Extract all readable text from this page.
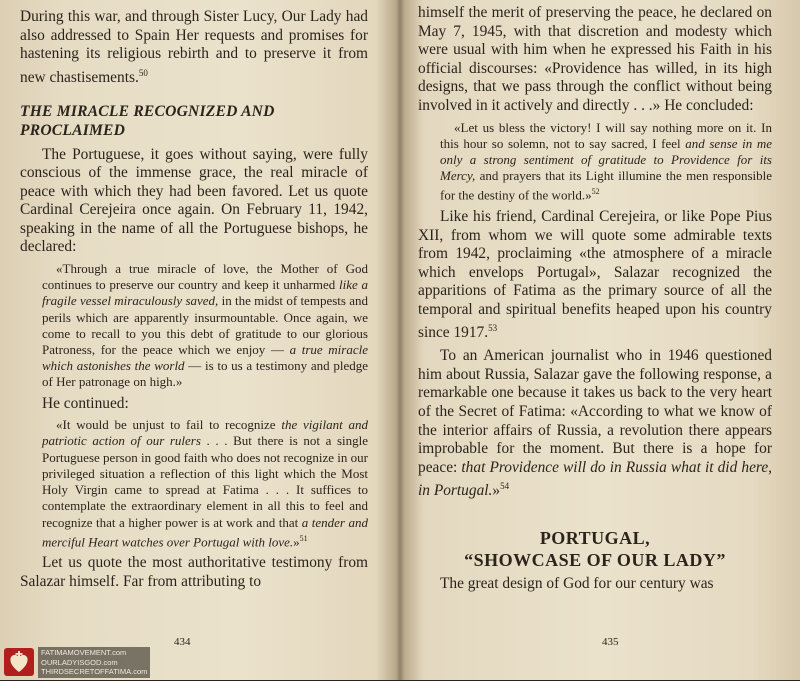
During this war, and through Sister Lucy, Our Lady had also addressed to Spain Her requests and promises for hastening its religious rebirth and to preserve it from new chastisements.$^{50}$

THE MIRACLE RECOGNIZED AND
PROCLAIMED

The Portuguese, it goes without saying, were fully conscious of the immense grace, the real miracle of peace with which they had been favored. Let us quote Cardinal Cerejeira once again. On February 11, 1942, speaking in the name of all the Portuguese bishops, he declared:

«Through a true miracle of love, the Mother of God continues to preserve our country and keep it unharmed like a fragile vessel miraculously saved, in the midst of tempests and perils which are apparently insurmountable. Once again, we come to recall to you this debt of gratitude to our glorious Patroness, for the peace which we enjoy — a true miracle which astonishes the world — is to us a testimony and pledge of Her patronage on high.»

He continued:

«It would be unjust to fail to recognize the vigilant and patriotic action of our rulers . . . But there is not a single Portuguese person in good faith who does not recognize in our privileged situation a reflection of this light which the Most Holy Virgin came to spread at Fatima . . . It suffices to contemplate the extraordinary element in all this to feel and recognize that a higher power is at work and that a tender and merciful Heart watches over Portugal with love.»$^{51}$

Let us quote the most authoritative testimony from Salazar himself. Far from attributing to

434

himself the merit of preserving the peace, he declared on May 7, 1945, with that discretion and modesty which were usual with him when he expressed his Faith in his official discourses: «Providence has willed, in its high designs, that we pass through the conflict without being involved in it actively and directly . . .» He concluded:

«Let us bless the victory! I will say nothing more on it. In this hour so solemn, not to say sacred, I feel and sense in me only a strong sentiment of gratitude to Providence for its Mercy, and prayers that its Light illumine the men responsible for the destiny of the world.»$^{52}$

Like his friend, Cardinal Cerejeira, or like Pope Pius XII, from whom we will quote some admirable texts from 1942, proclaiming «the atmosphere of a miracle which envelops Portugal», Salazar recognized the apparitions of Fatima as the primary source of all the temporal and spiritual benefits heaped upon his country since 1917.53

To an American journalist who in 1946 questioned him about Russia, Salazar gave the following response, a remarkable one because it takes us back to the very heart of the Secret of Fatima: «According to what we know of the interior affairs of Russia, a revolution there appears improbable for the moment. But there is a hope for peace: that Providence will do in Russia what it did here, in Portugal.»$^{54}$

PORTUGAL,
“SHOWCASE OF OUR LADY”

The great design of God for our century was

435
FATIMAMOVEMENT.com
OURLADYISGOD.com
THIRDSECRETOFFATIMA.com
